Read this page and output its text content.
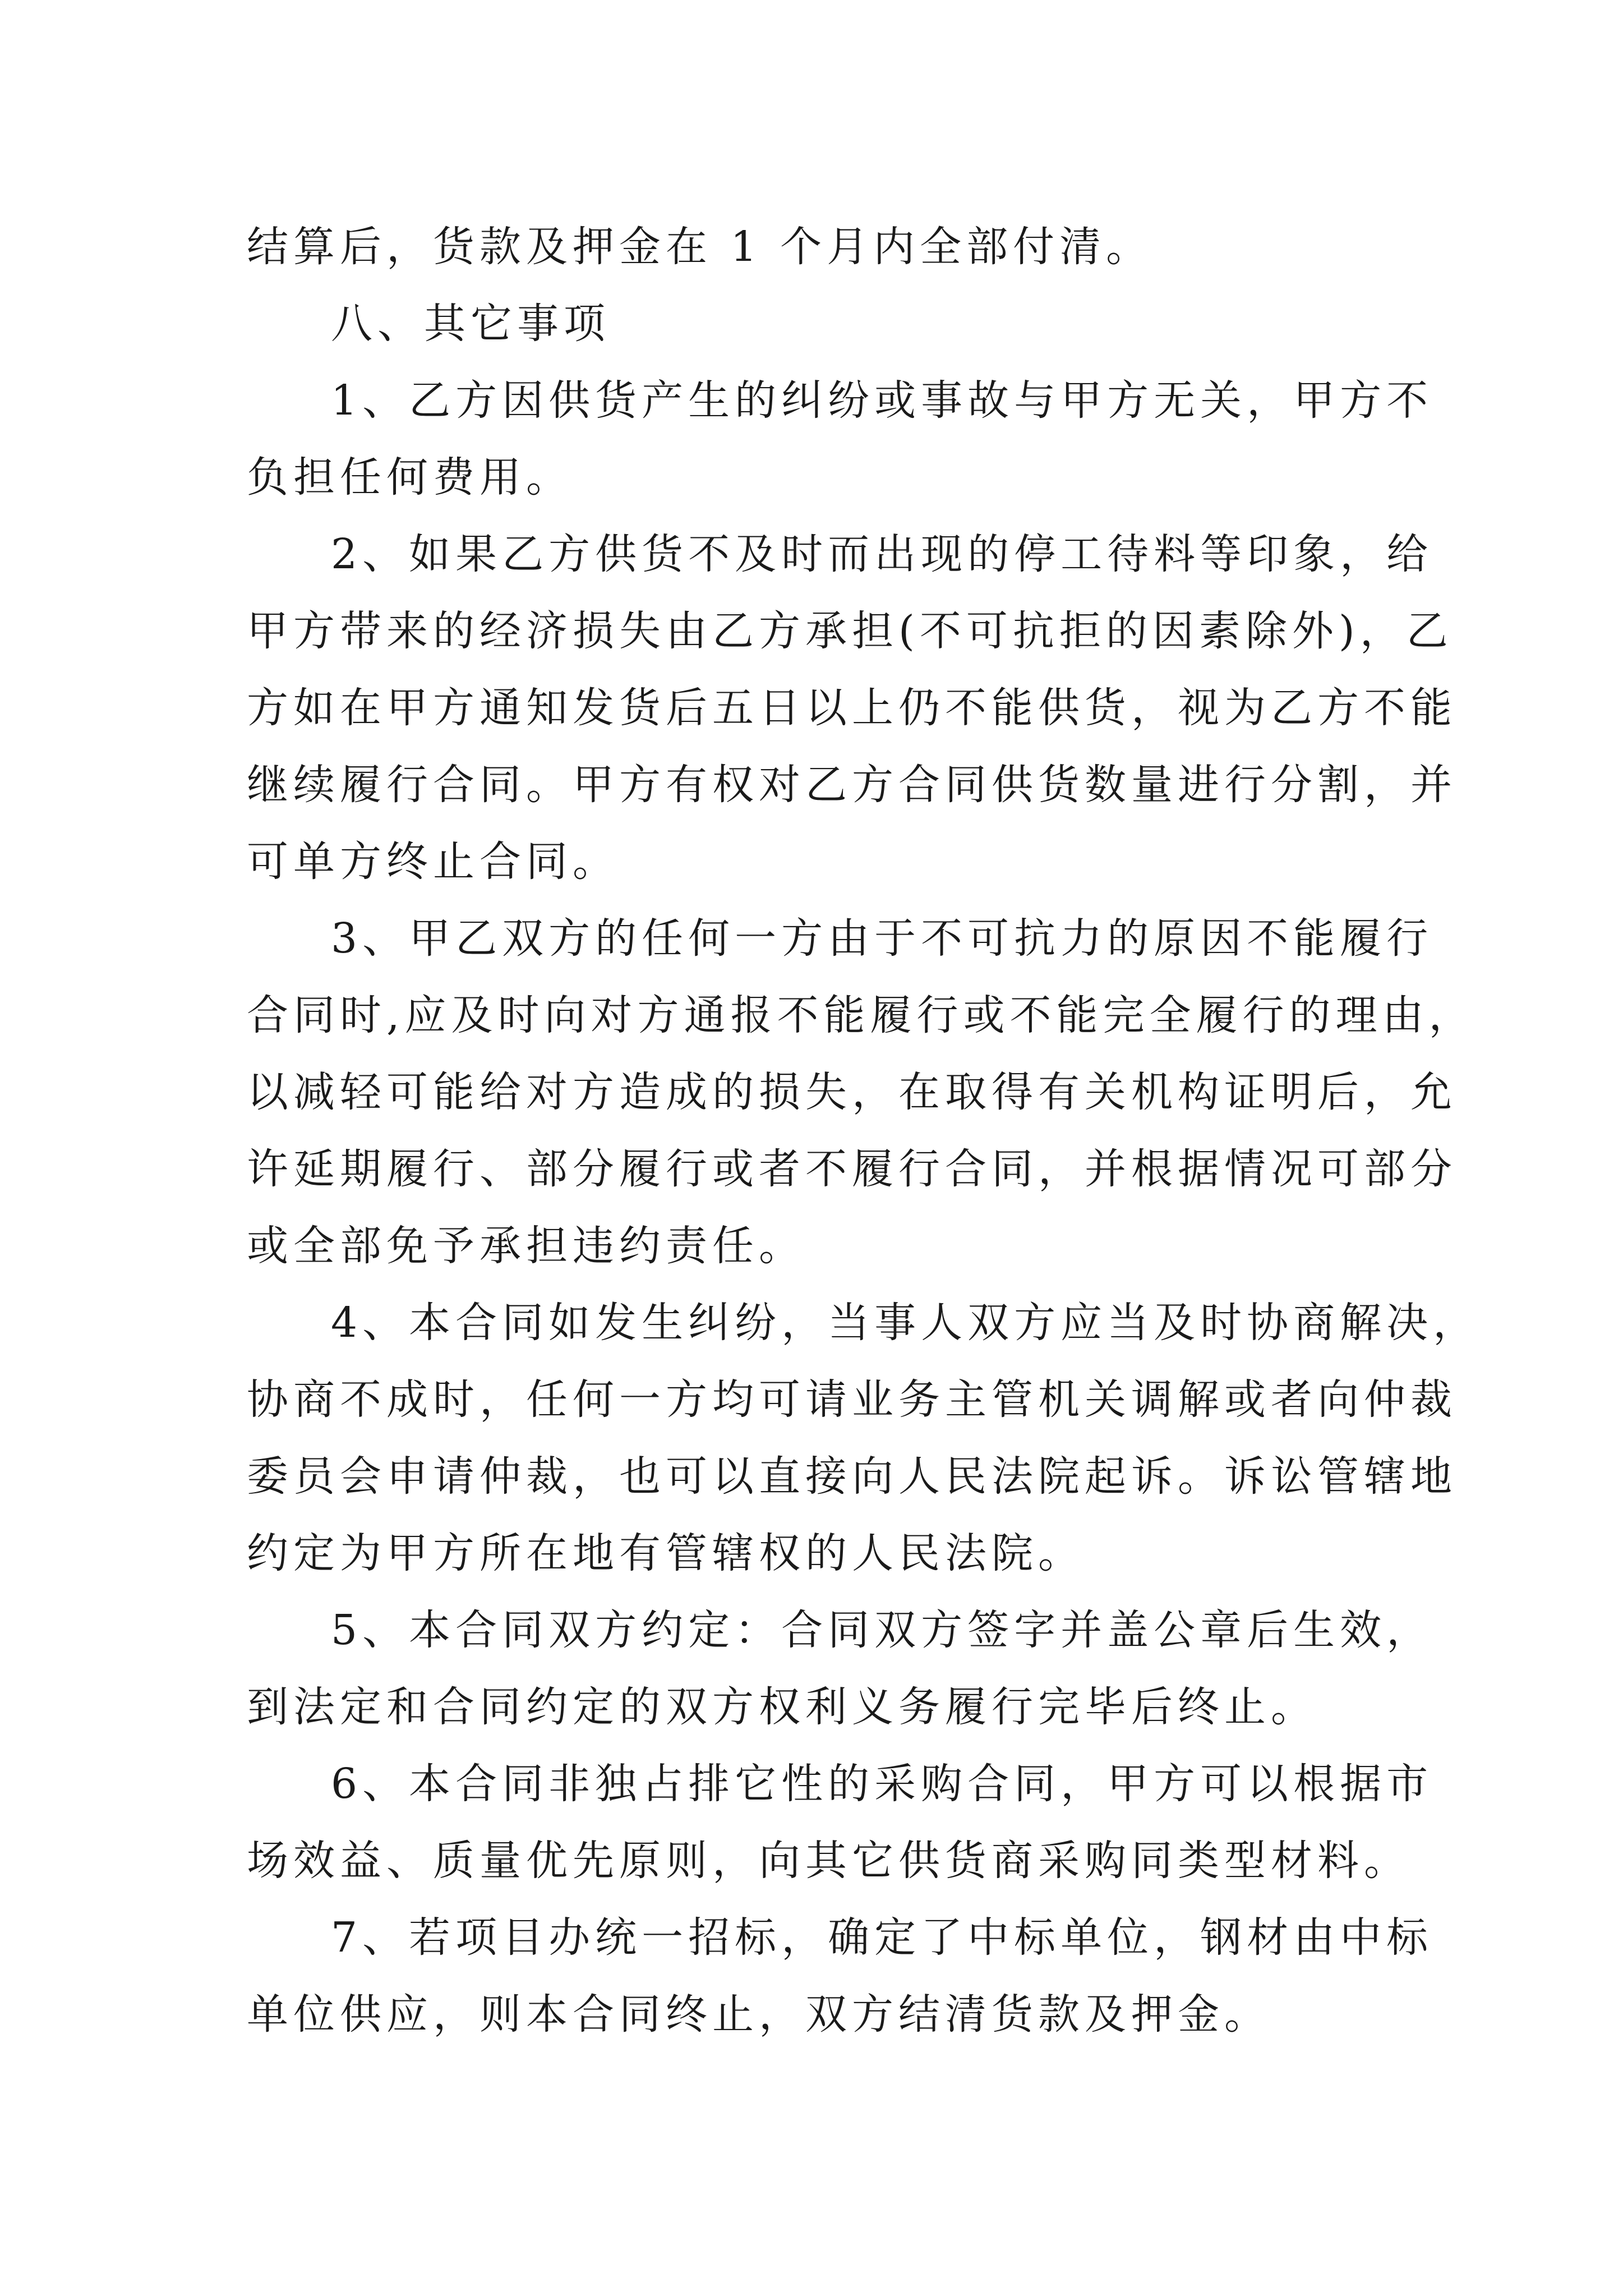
结算后，货款及押金在 1 个月内全部付清。
八、其它事项
1、乙方因供货产生的纠纷或事故与甲方无关，甲方不
负担任何费用。
2、如果乙方供货不及时而出现的停工待料等印象，给
甲方带来的经济损失由乙方承担(不可抗拒的因素除外)，乙
方如在甲方通知发货后五日以上仍不能供货，视为乙方不能
继续履行合同。甲方有权对乙方合同供货数量进行分割，并
可单方终止合同。
3、甲乙双方的任何一方由于不可抗力的原因不能履行
合同时,应及时向对方通报不能履行或不能完全履行的理由，
以减轻可能给对方造成的损失，在取得有关机构证明后，允
许延期履行、部分履行或者不履行合同，并根据情况可部分
或全部免予承担违约责任。
4、本合同如发生纠纷，当事人双方应当及时协商解决，
协商不成时，任何一方均可请业务主管机关调解或者向仲裁
委员会申请仲裁，也可以直接向人民法院起诉。诉讼管辖地
约定为甲方所在地有管辖权的人民法院。
5、本合同双方约定：合同双方签字并盖公章后生效，
到法定和合同约定的双方权利义务履行完毕后终止。
6、本合同非独占排它性的采购合同，甲方可以根据市
场效益、质量优先原则，向其它供货商采购同类型材料。
7、若项目办统一招标，确定了中标单位，钢材由中标
单位供应，则本合同终止，双方结清货款及押金。
